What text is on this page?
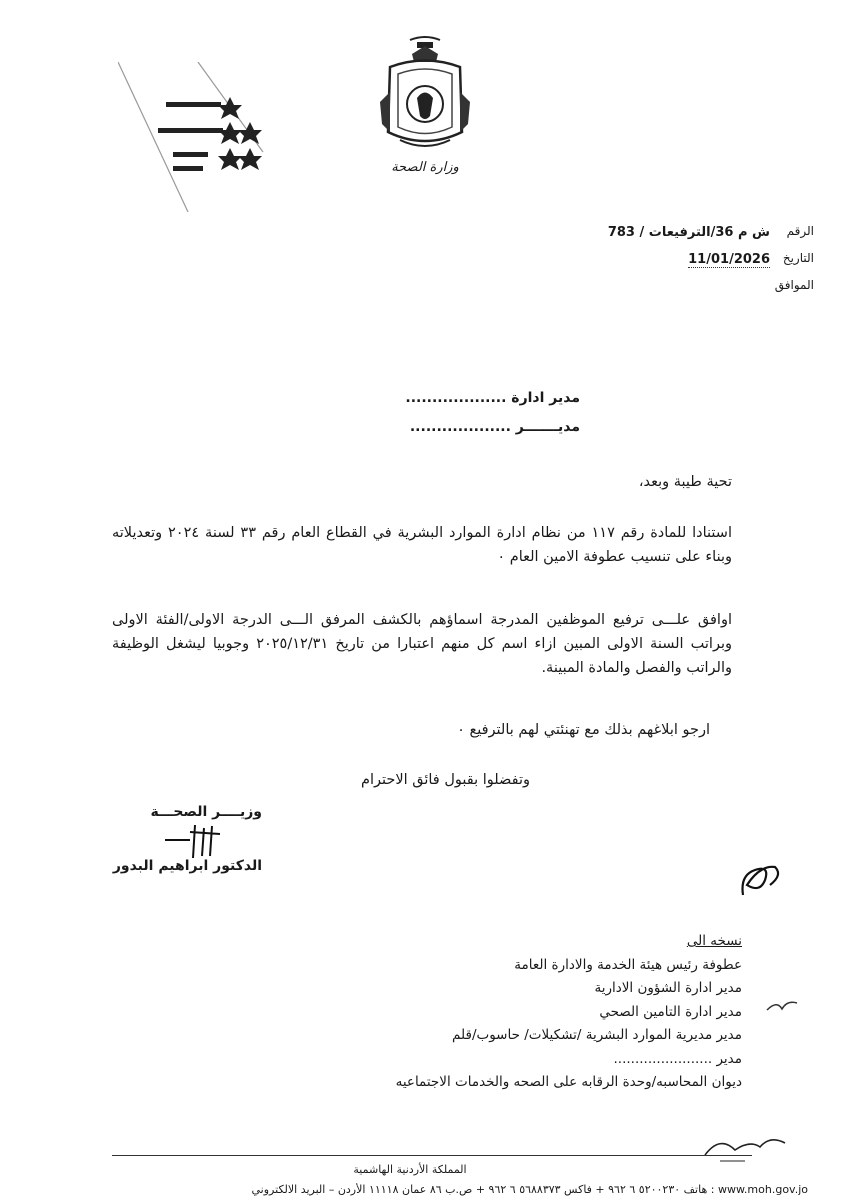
وزارة الصحة
الرقم
التاريخ
الموافق
ش م 36/الترفيعات / 783
11/01/2026
مدير ادارة ...................
مديـــــــر ...................
تحية طيبة وبعد،
استنادا للمادة رقم ١١٧ من نظام ادارة الموارد البشرية في القطاع العام رقم ٣٣ لسنة ٢٠٢٤ وتعديلاته وبناء على تنسيب عطوفة الامين العام ٠
اوافق علـــى ترفيع الموظفين المدرجة اسماؤهم بالكشف المرفق الـــى الدرجة الاولى/الفئة الاولى وبراتب السنة الاولى المبين ازاء اسم كل منهم اعتبارا من تاريخ ٢٠٢٥/١٢/٣١ وجوبيا ليشغل الوظيفة والراتب والفصل والمادة المبينة.
ارجو ابلاغهم بذلك مع تهنئتي لهم بالترفيع ٠
وتفضلوا بقبول فائق الاحترام
وزيــــر الصحـــة
الدكتور ابراهيم البدور
نسخه الى
عطوفة رئيس هيئة الخدمة والادارة العامة
مدير ادارة الشؤون الادارية
مدير ادارة التامين الصحي
مدير مديرية الموارد البشرية /تشكيلات/ حاسوب/قلم
مدير .......................
ديوان المحاسبه/وحدة الرقابه على الصحه والخدمات الاجتماعيه
المملكة الأردنية الهاشمية
www.moh.gov.jo : هاتف ٥٢٠٠٢٣٠ ٦ ٩٦٢ + فاكس ٥٦٨٨٣٧٣ ٦ ٩٦٢ + ص.ب ٨٦ عمان ١١١١٨ الأردن – البريد الالكتروني
